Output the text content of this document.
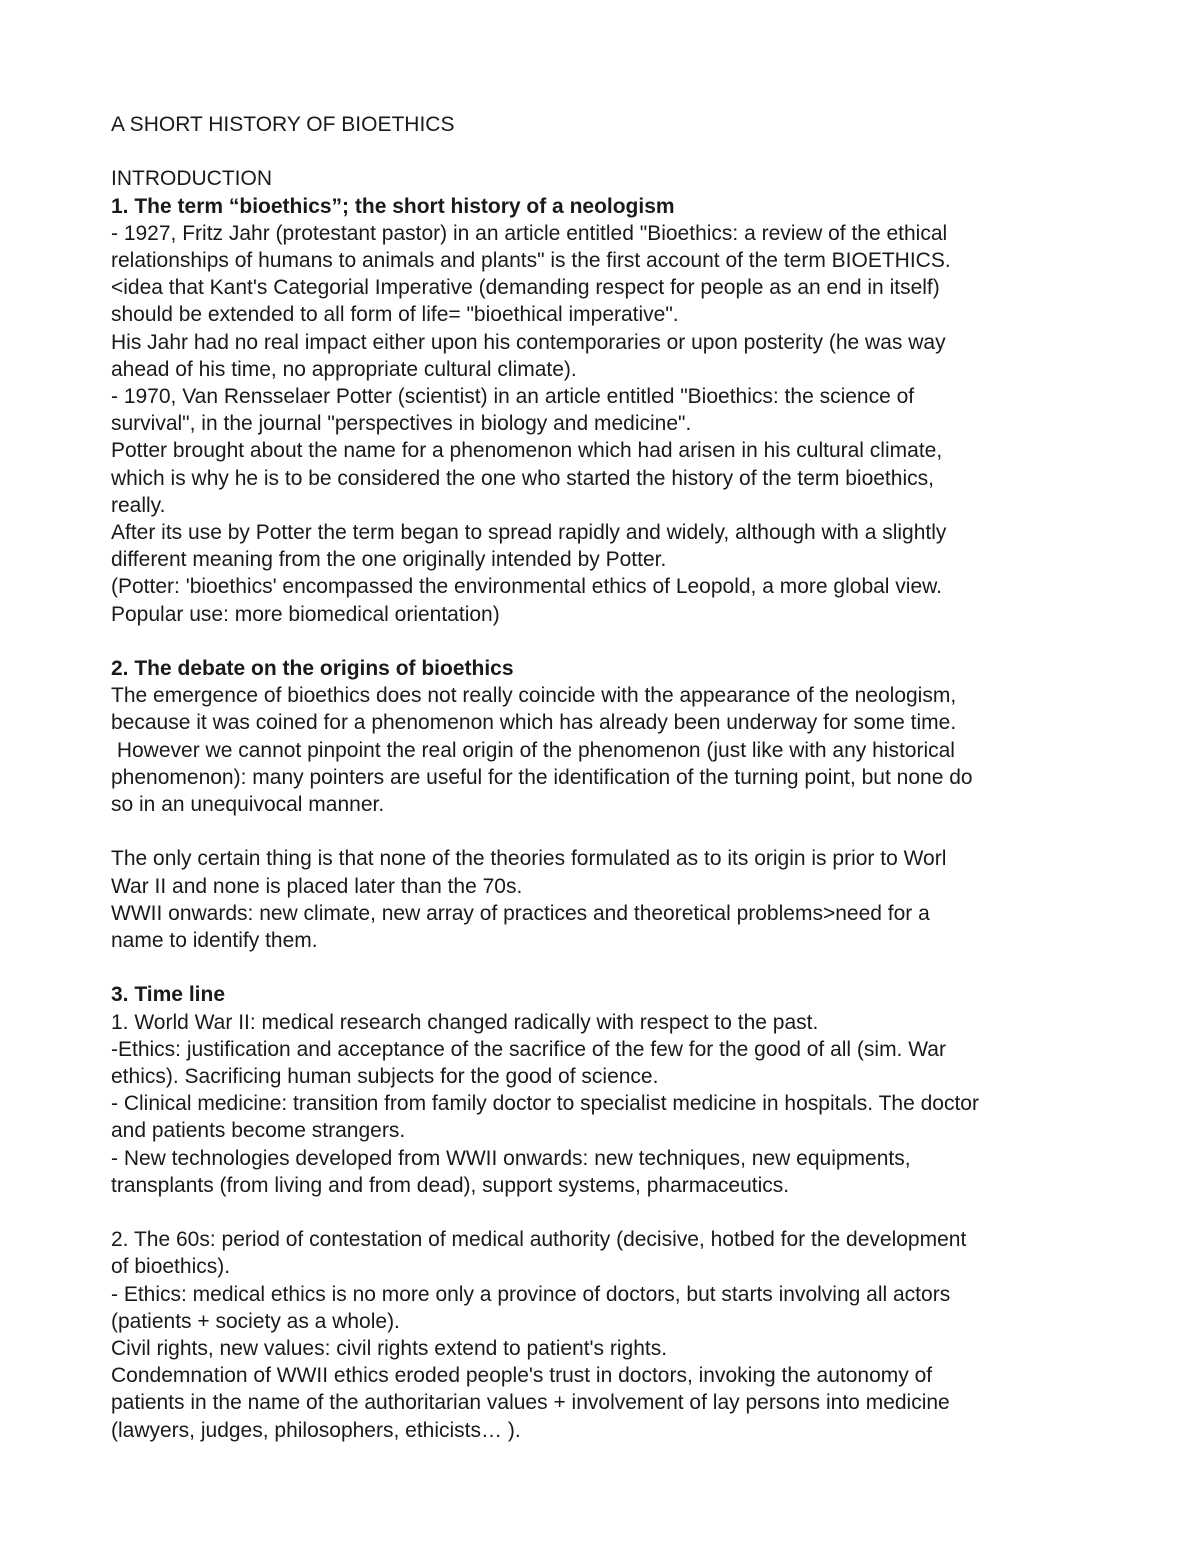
A SHORT HISTORY OF BIOETHICS
INTRODUCTION
1. The term “bioethics”; the short history of a neologism
- 1927, Fritz Jahr (protestant pastor) in an article entitled "Bioethics: a review of the ethical
relationships of humans to animals and plants" is the first account of the term BIOETHICS.
<idea that Kant's Categorial Imperative (demanding respect for people as an end in itself)
should be extended to all form of life= "bioethical imperative".
His Jahr had no real impact either upon his contemporaries or upon posterity (he was way
ahead of his time, no appropriate cultural climate).
- 1970, Van Rensselaer Potter (scientist) in an article entitled "Bioethics: the science of
survival", in the journal "perspectives in biology and medicine".
Potter brought about the name for a phenomenon which had arisen in his cultural climate,
which is why he is to be considered the one who started the history of the term bioethics,
really.
After its use by Potter the term began to spread rapidly and widely, although with a slightly
different meaning from the one originally intended by Potter.
(Potter: 'bioethics' encompassed the environmental ethics of Leopold, a more global view.
Popular use: more biomedical orientation)
2. The debate on the origins of bioethics
The emergence of bioethics does not really coincide with the appearance of the neologism,
because it was coined for a phenomenon which has already been underway for some time.
However we cannot pinpoint the real origin of the phenomenon (just like with any historical
phenomenon): many pointers are useful for the identification of the turning point, but none do
so in an unequivocal manner.
The only certain thing is that none of the theories formulated as to its origin is prior to Worl
War II and none is placed later than the 70s.
WWII onwards: new climate, new array of practices and theoretical problems>need for a
name to identify them.
3. Time line
1. World War II: medical research changed radically with respect to the past.
-Ethics: justification and acceptance of the sacrifice of the few for the good of all (sim. War
ethics). Sacrificing human subjects for the good of science.
- Clinical medicine: transition from family doctor to specialist medicine in hospitals. The doctor
and patients become strangers.
- New technologies developed from WWII onwards: new techniques, new equipments,
transplants (from living and from dead), support systems, pharmaceutics.
2. The 60s: period of contestation of medical authority (decisive, hotbed for the development
of bioethics).
- Ethics: medical ethics is no more only a province of doctors, but starts involving all actors
(patients + society as a whole).
Civil rights, new values: civil rights extend to patient's rights.
Condemnation of WWII ethics eroded people's trust in doctors, invoking the autonomy of
patients in the name of the authoritarian values + involvement of lay persons into medicine
(lawyers, judges, philosophers, ethicists… ).
